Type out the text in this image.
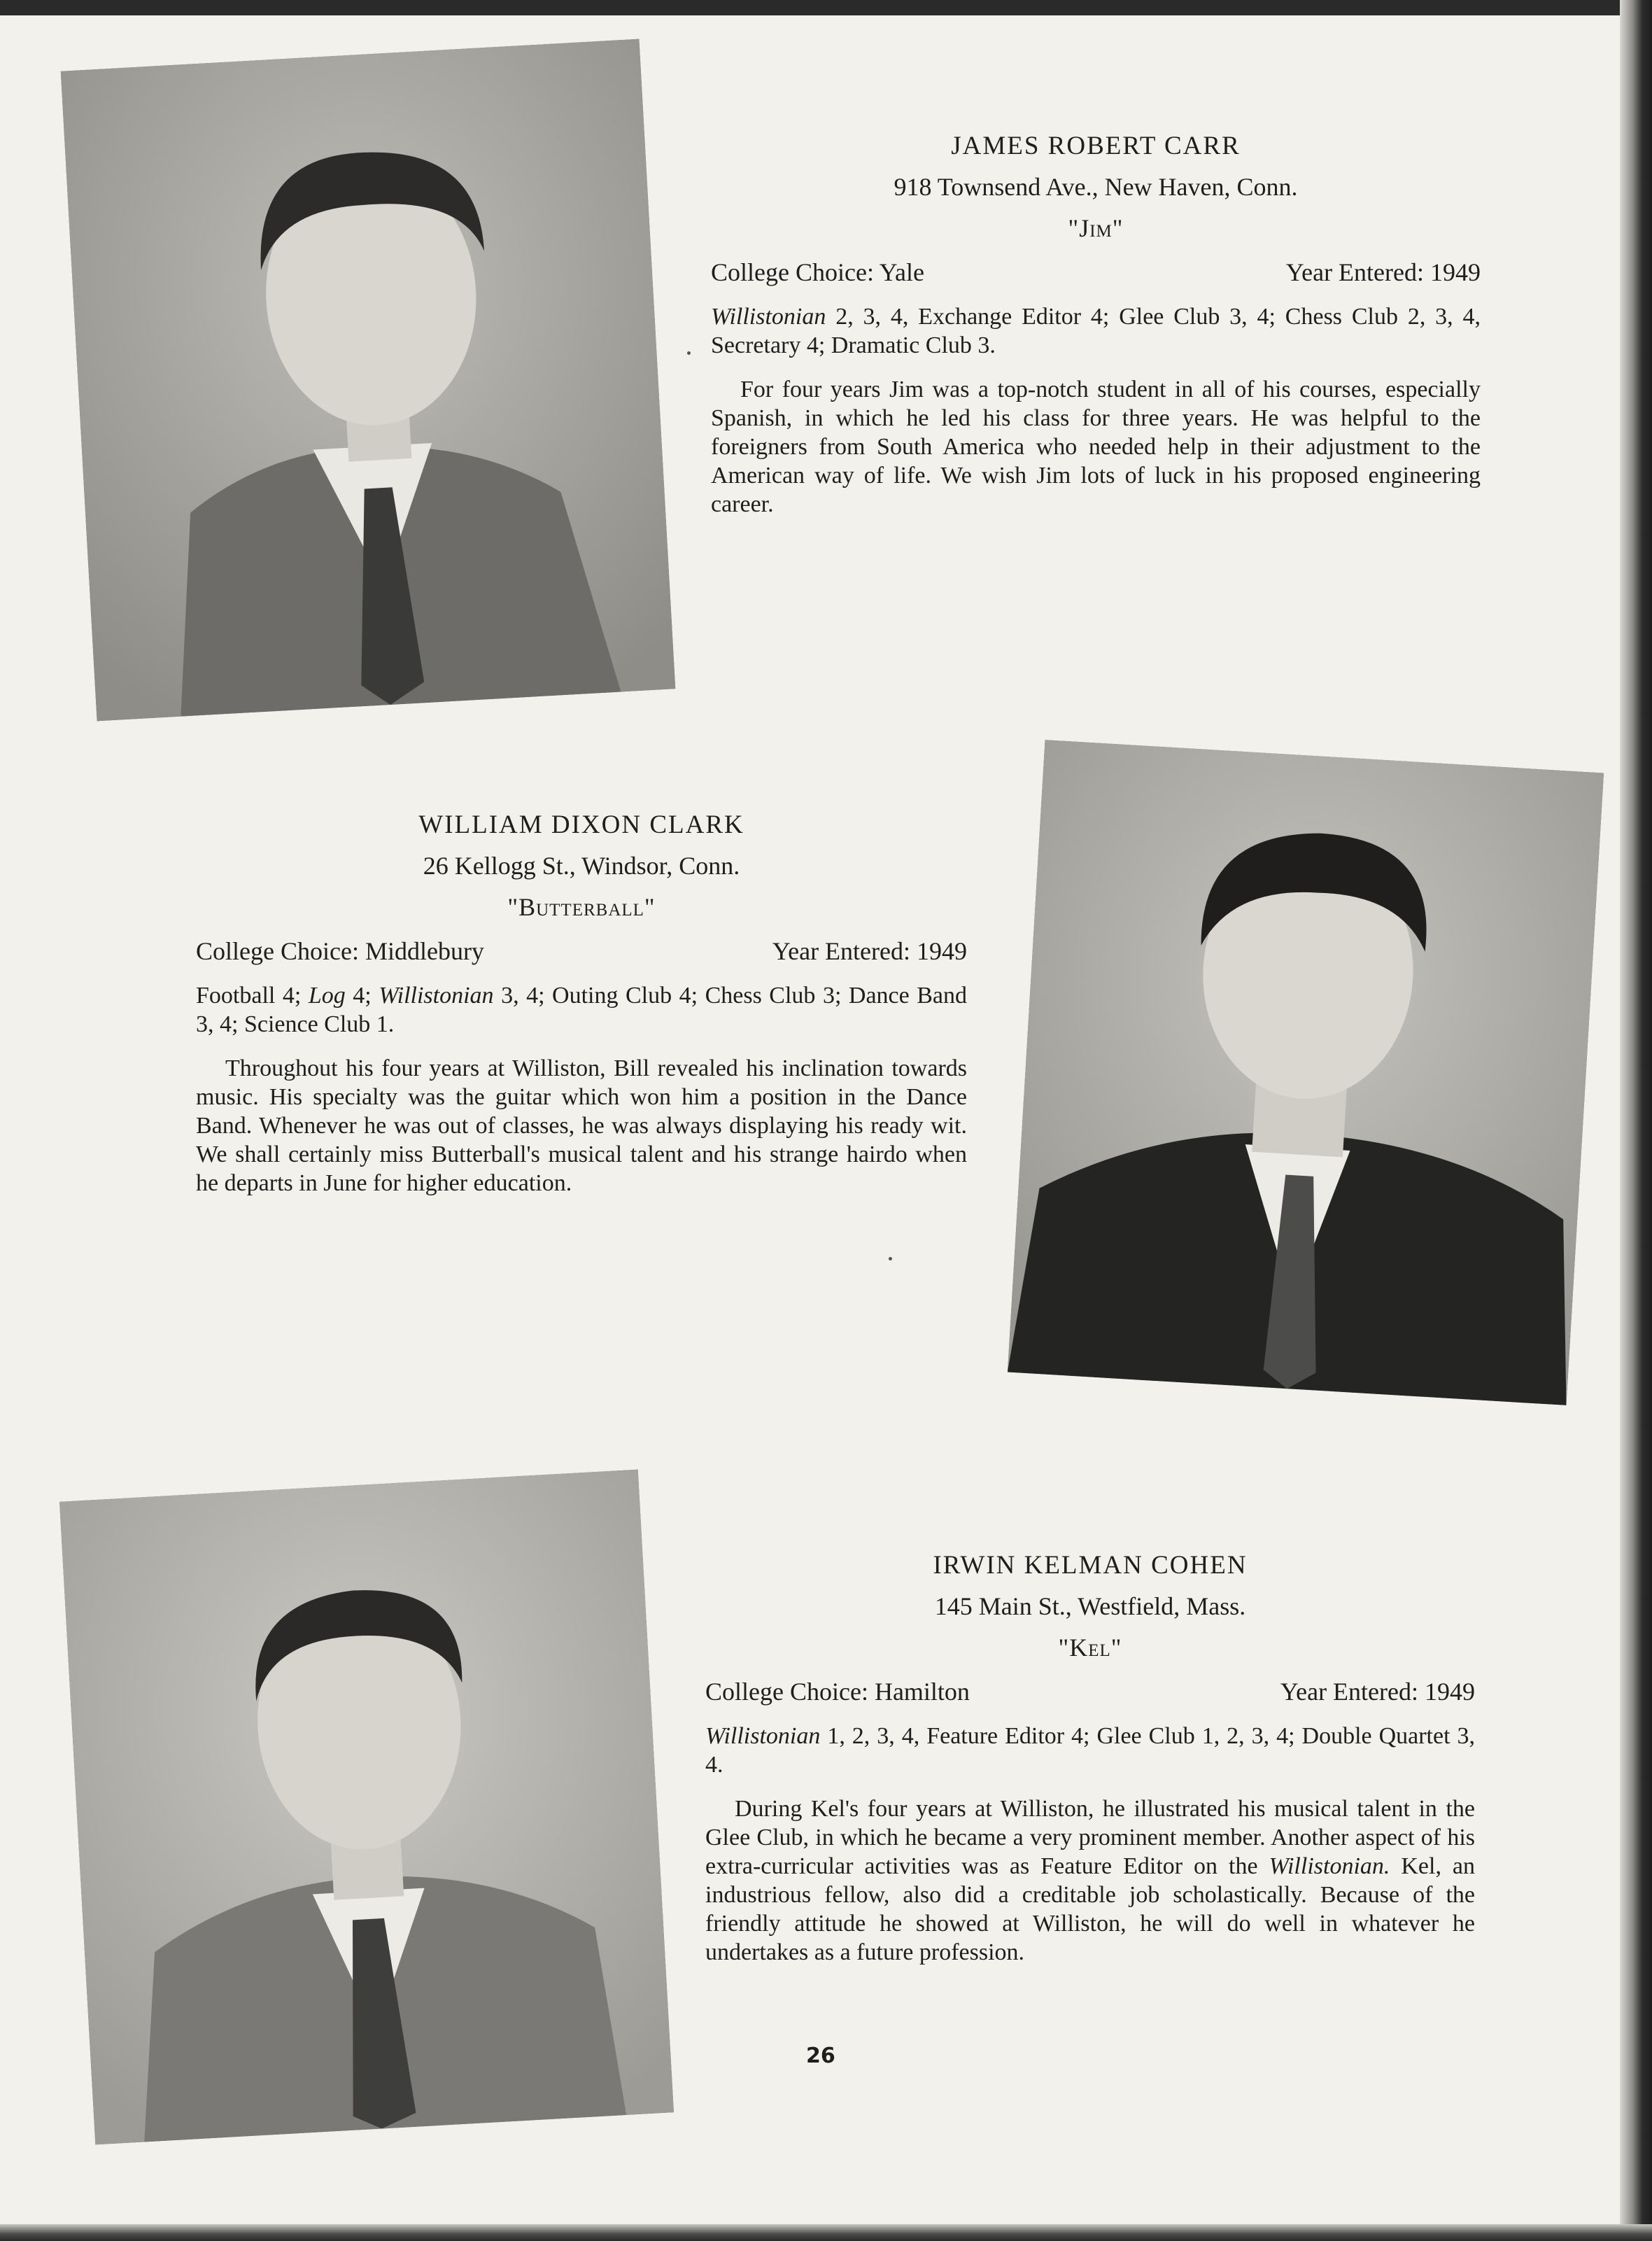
JAMES ROBERT CARR
918 Townsend Ave., New Haven, Conn.
"Jim"
College Choice: Yale	Year Entered: 1949
Willistonian 2, 3, 4, Exchange Editor 4; Glee Club 3, 4; Chess Club 2, 3, 4, Secretary 4; Dramatic Club 3.

For four years Jim was a top-notch student in all of his courses, especially Spanish, in which he led his class for three years. He was helpful to the foreigners from South America who needed help in their adjustment to the American way of life. We wish Jim lots of luck in his proposed engineering career.

WILLIAM DIXON CLARK
26 Kellogg St., Windsor, Conn.
"Butterball"
College Choice: Middlebury	Year Entered: 1949
Football 4; Log 4; Willistonian 3, 4; Outing Club 4; Chess Club 3; Dance Band 3, 4; Science Club 1.

Throughout his four years at Williston, Bill revealed his inclination towards music. His specialty was the guitar which won him a position in the Dance Band. Whenever he was out of classes, he was always displaying his ready wit. We shall certainly miss Butterball's musical talent and his strange hairdo when he departs in June for higher education.

IRWIN KELMAN COHEN
145 Main St., Westfield, Mass.
"Kel"
College Choice: Hamilton	Year Entered: 1949
Willistonian 1, 2, 3, 4, Feature Editor 4; Glee Club 1, 2, 3, 4; Double Quartet 3, 4.

During Kel's four years at Williston, he illustrated his musical talent in the Glee Club, in which he became a very prominent member. Another aspect of his extra-curricular activities was as Feature Editor on the Willistonian. Kel, an industrious fellow, also did a creditable job scholastically. Because of the friendly attitude he showed at Williston, he will do well in whatever he undertakes as a future profession.

26
